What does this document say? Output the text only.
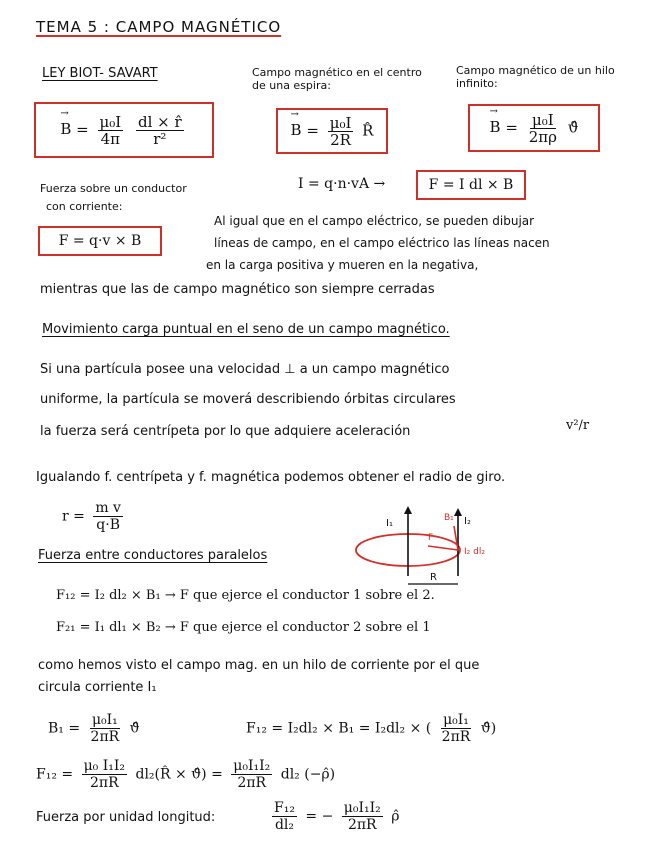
TEMA 5 : CAMPO MAGNÉTICO
LEY BIOT- SAVART
→ $B = \frac{\text{μ₀I}}{4\pi}$
$\frac{dl \times r̂}{\text{r²}}$
Campo magnético en el centro de una espira:
→ $B = \frac{\text{μ₀I}}{2R}$ R̂
Campo magnético de un hilo infinito:
→ $B = \frac{\text{μ₀I}}{2\pi\rho}$ ϑ̂
Fuerza sobre un conductor
con corriente:
I = q·n·vA →	F = I dl × B
F = q·v × B
Al igual que en el campo eléctrico, se pueden dibujar
líneas de campo, en el campo eléctrico las líneas nacen
en la carga positiva y mueren en la negativa,
mientras que las de campo magnético son siempre cerradas
Movimiento carga puntual en el seno de un campo magnético.
Si una partícula posee una velocidad ⊥ a un campo magnético
uniforme, la partícula se moverá describiendo órbitas circulares
la fuerza será centrípeta por lo que adquiere aceleración	v²/r
Igualando f. centrípeta y f. magnética podemos obtener el radio de giro.
$r = \frac{\text{m v}}{q\cdot B}$	I₁	I₂
B₁
F
I₂ dl₂
R
Fuerza entre conductores paralelos
F₁₂ = I₂ dl₂ × B₁ → F que ejerce el conductor 1 sobre el 2.
F₂₁ = I₁ dl₁ × B₂ → F que ejerce el conductor 2 sobre el 1
como hemos visto el campo mag. en un hilo de corriente por el que
circula corriente I₁
$B_1 = \frac{\text{μ₀I₁}}{2\pi R}$ ϑ̂	F₁₂ = I₂dl₂ × B₁ = I₂dl₂ × ( $\frac{\text{μ₀I₁}}{2\pi R}$ ϑ̂)
$F_{12} = \frac{\text{μ₀ I₁I₂}}{2\pi R}$ dl₂(R̂ × ϑ̂) = $\frac{\text{μ₀I₁I₂}}{2\pi R} dl_2$ (−ρ̂)
Fuerza por unidad longitud:	$\frac{\text{F₁₂}}{\text{dl₂}}$ = − $\frac{\text{μ₀I₁I₂}}{2\pi R}$ ρ̂
